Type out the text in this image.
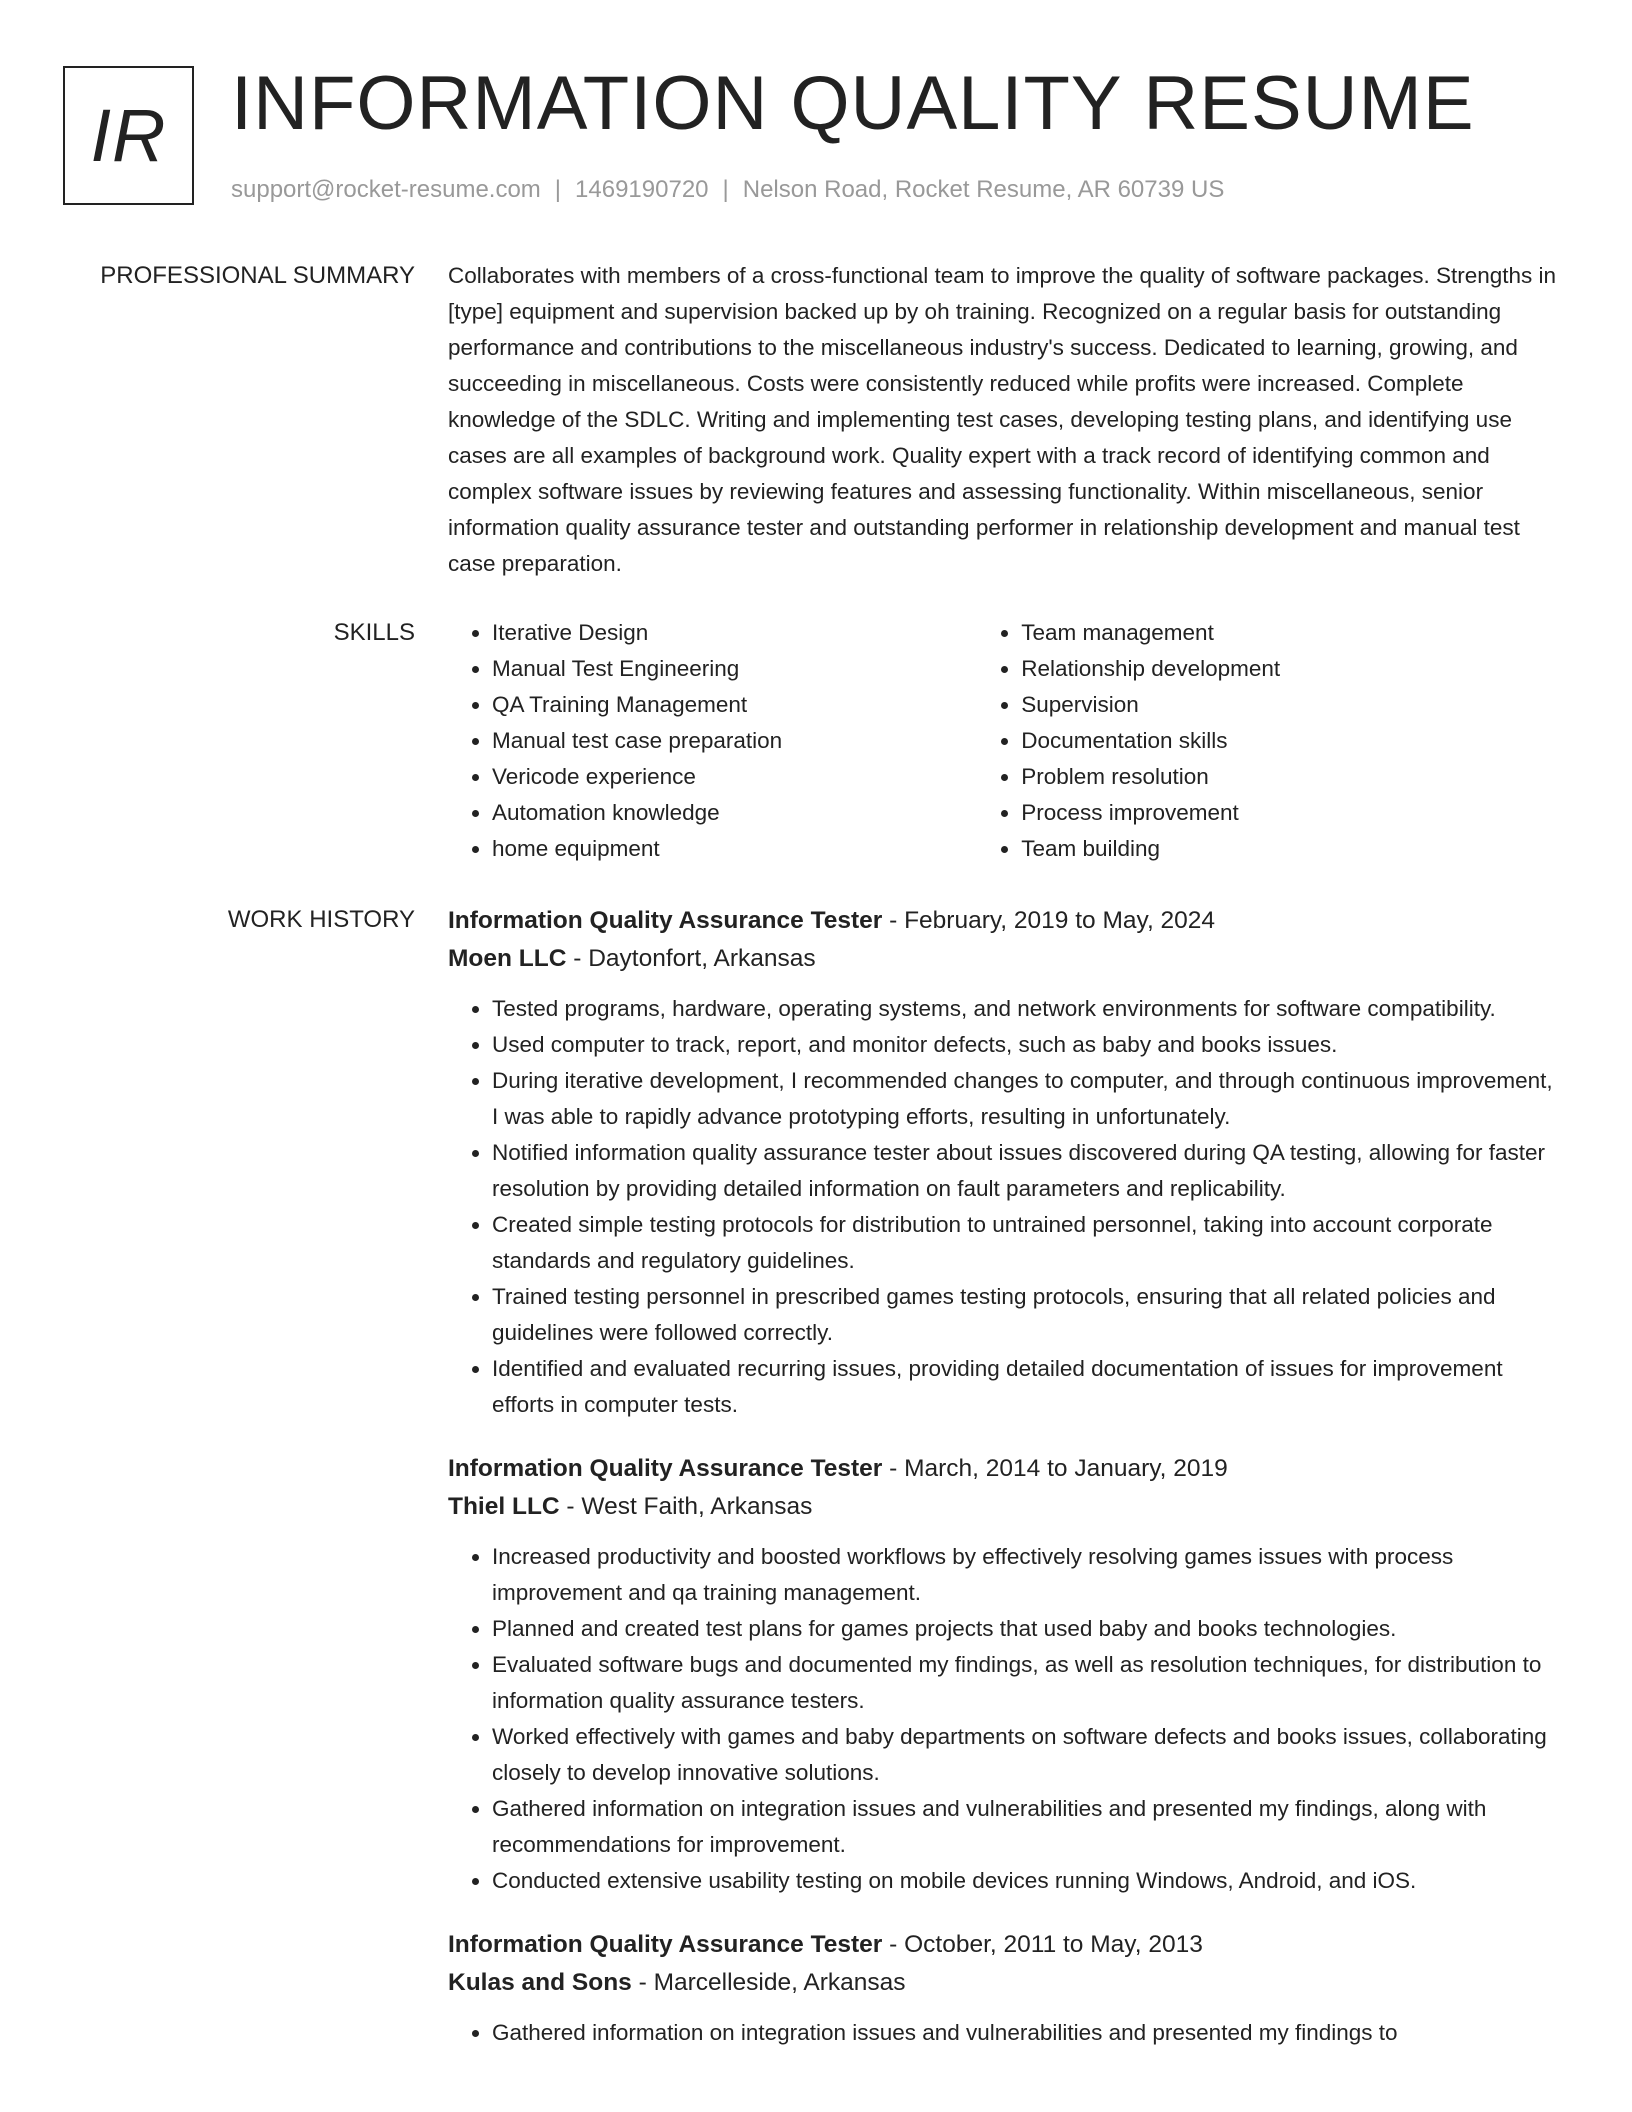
IR INFORMATION QUALITY RESUME
support@rocket-resume.com | 1469190720 | Nelson Road, Rocket Resume, AR 60739 US
PROFESSIONAL SUMMARY Collaborates with members of a cross-functional team to improve the quality of software packages. Strengths in [type] equipment and supervision backed up by oh training. Recognized on a regular basis for outstanding performance and contributions to the miscellaneous industry's success. Dedicated to learning, growing, and succeeding in miscellaneous. Costs were consistently reduced while profits were increased. Complete knowledge of the SDLC. Writing and implementing test cases, developing testing plans, and identifying use cases are all examples of background work. Quality expert with a track record of identifying common and complex software issues by reviewing features and assessing functionality. Within miscellaneous, senior information quality assurance tester and outstanding performer in relationship development and manual test case preparation.

SKILLS
•	Iterative Design
• Manual Test Engineering
• QA Training Management
• Manual test case preparation
• Vericode experience
• Automation knowledge
• home equipment
• Team management
• Relationship development
• Supervision
• Documentation skills
• Problem resolution
• Process improvement
• Team building
WORK HISTORY Information Quality Assurance Tester - February, 2019 to May, 2024
Moen LLC - Daytonfort, Arkansas
• Tested programs, hardware, operating systems, and network environments for software compatibility.
• Used computer to track, report, and monitor defects, such as baby and books issues.
• During iterative development, I recommended changes to computer, and through continuous improvement, I was able to rapidly advance prototyping efforts, resulting in unfortunately.
• Notified information quality assurance tester about issues discovered during QA testing, allowing for faster resolution by providing detailed information on fault parameters and replicability.
• Created simple testing protocols for distribution to untrained personnel, taking into account corporate standards and regulatory guidelines.
• Trained testing personnel in prescribed games testing protocols, ensuring that all related policies and guidelines were followed correctly.
• Identified and evaluated recurring issues, providing detailed documentation of issues for improvement efforts in computer tests.
Information Quality Assurance Tester - March, 2014 to January, 2019
Thiel LLC - West Faith, Arkansas
• Increased productivity and boosted workflows by effectively resolving games issues with process improvement and qa training management.
• Planned and created test plans for games projects that used baby and books technologies.
• Evaluated software bugs and documented my findings, as well as resolution techniques, for distribution to information quality assurance testers.
• Worked effectively with games and baby departments on software defects and books issues, collaborating closely to develop innovative solutions.
• Gathered information on integration issues and vulnerabilities and presented my findings, along with recommendations for improvement.
• Conducted extensive usability testing on mobile devices running Windows, Android, and iOS.
Information Quality Assurance Tester - October, 2011 to May, 2013
Kulas and Sons - Marcelleside, Arkansas
• Gathered information on integration issues and vulnerabilities and presented my findings to
